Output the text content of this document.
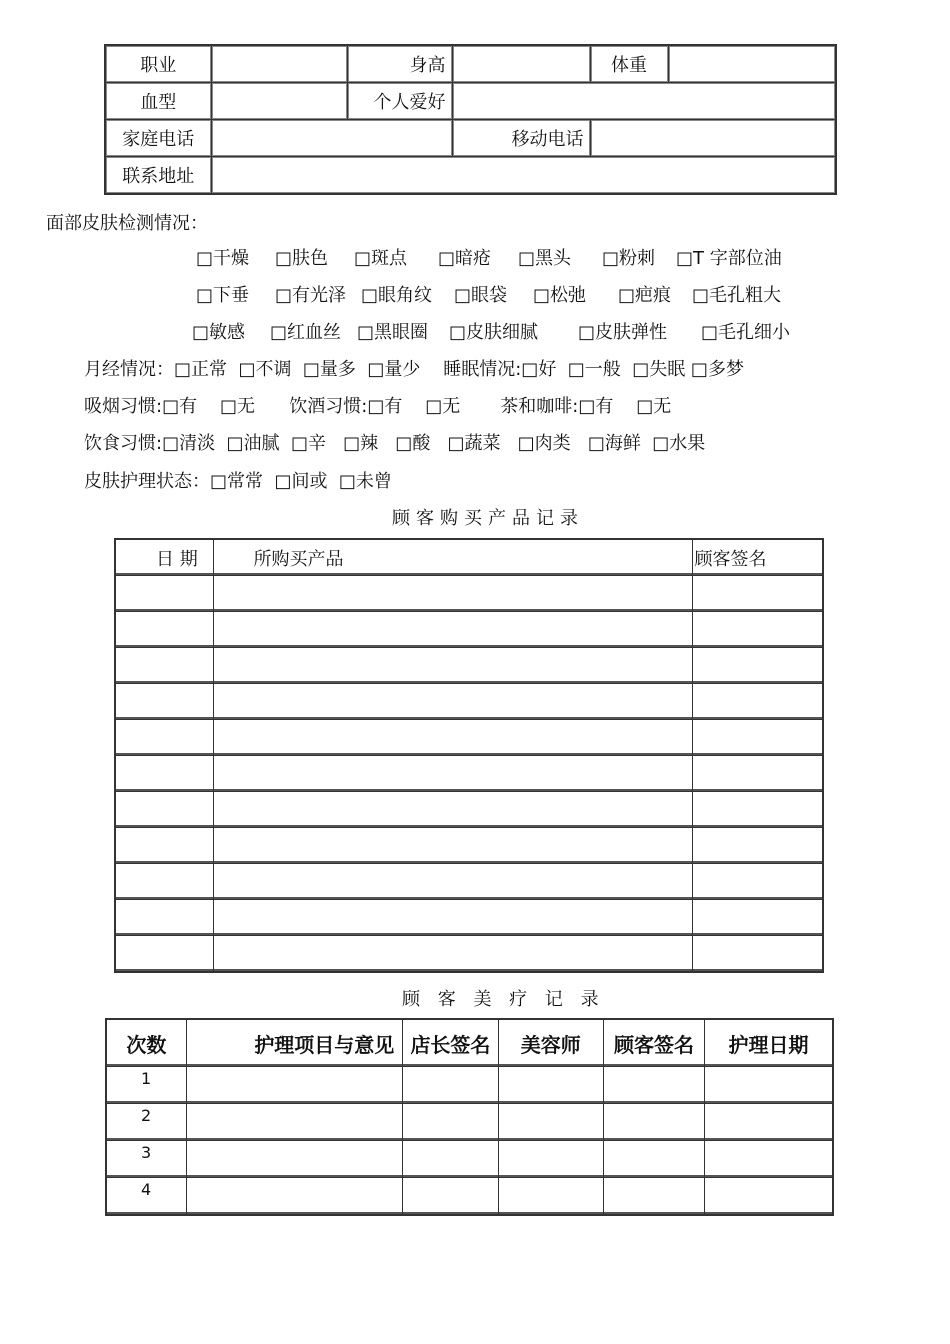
职业		身高		体重	
血型		个人爱好			
家庭电话			移动电话		
联系地址					
面部皮肤检测情况：
□干燥 □肤色 □斑点 □暗疮 □黑头 □粉刺 □T 字部位油
□下垂 □有光泽 □眼角纹 □眼袋 □松弛 □疤痕 □毛孔粗大
□敏感 □红血丝 □黑眼圈 □皮肤细腻 □皮肤弹性 □毛孔细小
月经情况：□正常  □不调  □量多  □量少    睡眠情况:□好  □一般  □失眠 □多梦
吸烟习惯:□有    □无      饮酒习惯:□有    □无       茶和咖啡:□有    □无
饮食习惯:□清淡  □油腻  □辛   □辣   □酸   □蔬菜   □肉类   □海鲜  □水果
皮肤护理状态：□常常  □间或  □未曾
顾客购买产品记录
日 期	所购买产品	顾客签名

顾 客 美 疗 记 录
次数	护理项目与意见	店长签名	美容师	顾客签名	护理日期
1					
2					
3					
4					
